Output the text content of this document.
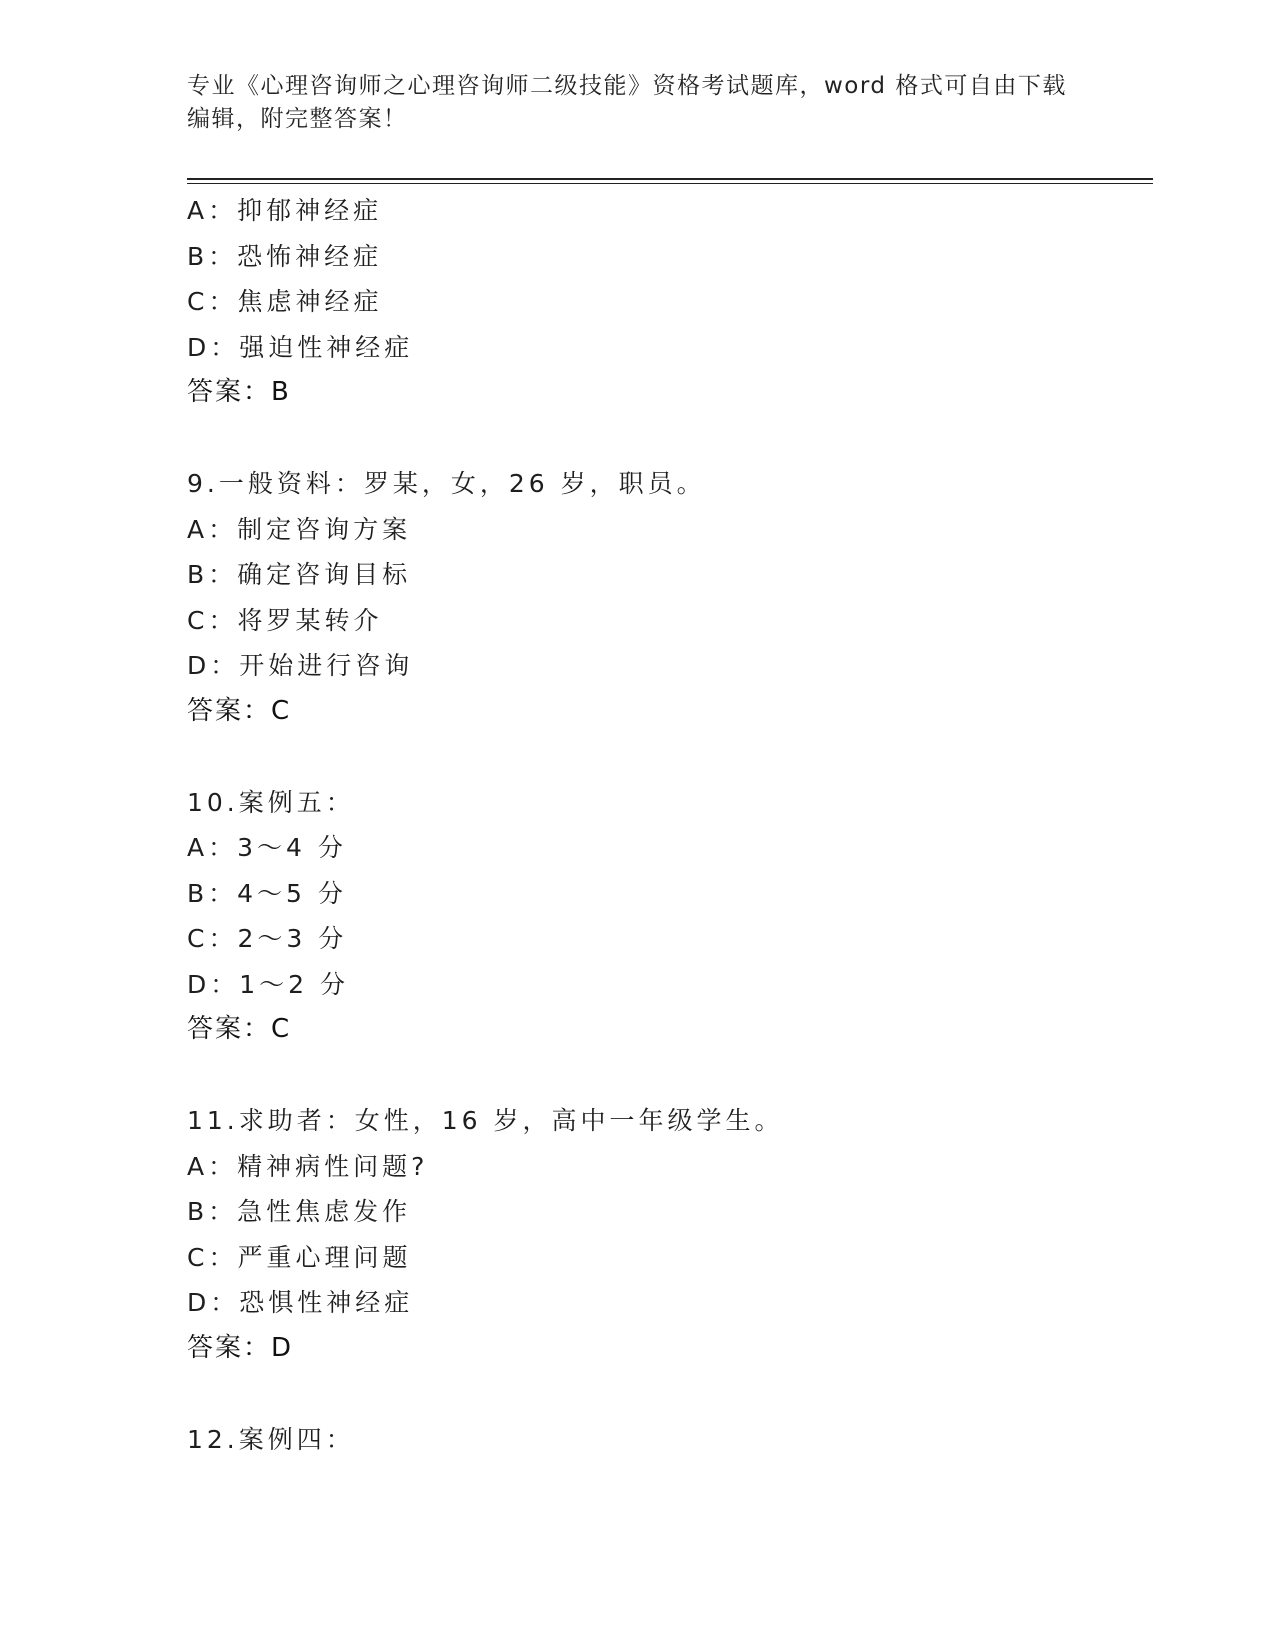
专业《心理咨询师之心理咨询师二级技能》资格考试题库，word 格式可自由下载
编辑，附完整答案！
A：抑郁神经症
B：恐怖神经症
C：焦虑神经症
D：强迫性神经症
答案：B
9.一般资料：罗某，女，26 岁，职员。
A：制定咨询方案
B：确定咨询目标
C：将罗某转介
D：开始进行咨询
答案：C
10.案例五：
A：3～4 分
B：4～5 分
C：2～3 分
D：1～2 分
答案：C
11.求助者：女性，16 岁，高中一年级学生。
A：精神病性问题?
B：急性焦虑发作
C：严重心理问题
D：恐惧性神经症
答案：D
12.案例四：
